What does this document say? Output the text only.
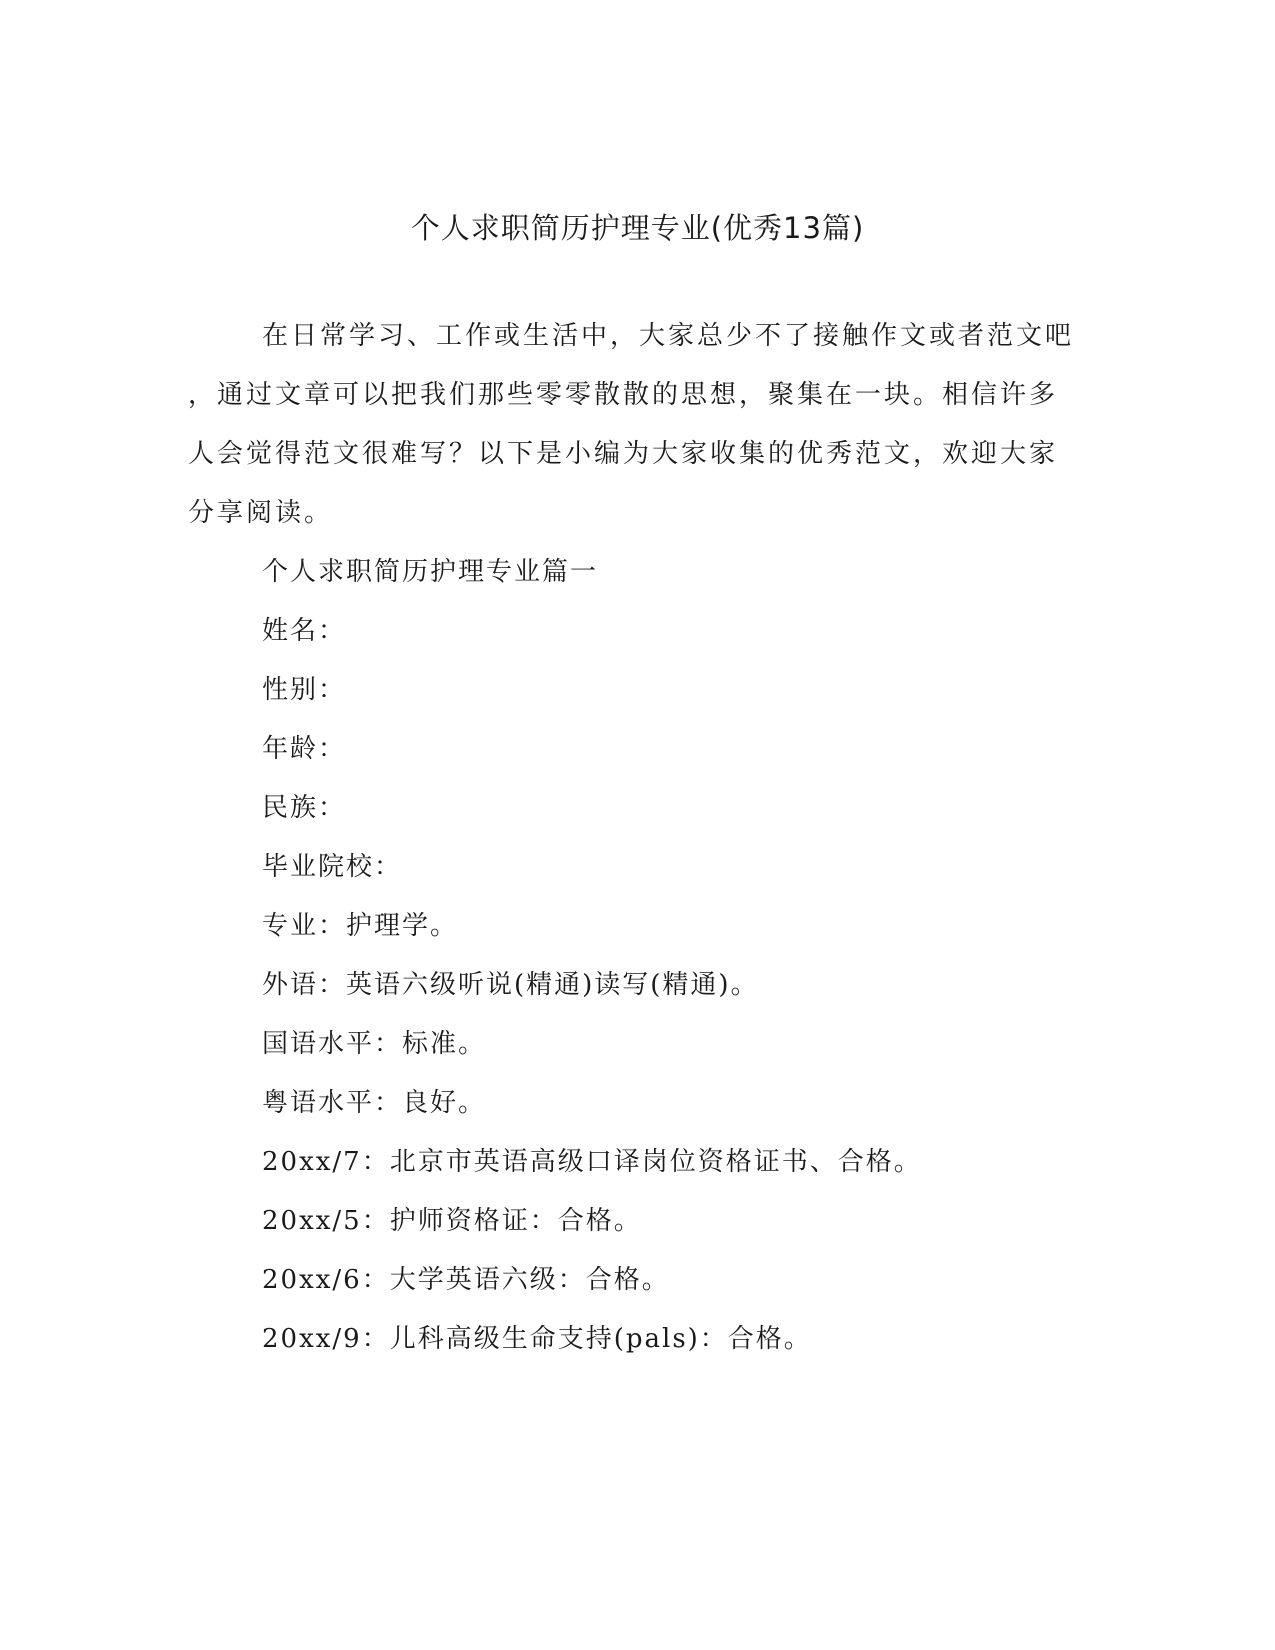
个人求职简历护理专业(优秀13篇)
在日常学习、工作或生活中，大家总少不了接触作文或者范文吧
，通过文章可以把我们那些零零散散的思想，聚集在一块。相信许多
人会觉得范文很难写？以下是小编为大家收集的优秀范文，欢迎大家
分享阅读。
个人求职简历护理专业篇一
姓名：
性别：
年龄：
民族：
毕业院校：
专业：护理学。
外语：英语六级听说(精通)读写(精通)。
国语水平：标准。
粤语水平：良好。
20xx/7：北京市英语高级口译岗位资格证书、合格。
20xx/5：护师资格证：合格。
20xx/6：大学英语六级：合格。
20xx/9：儿科高级生命支持(pals)：合格。
